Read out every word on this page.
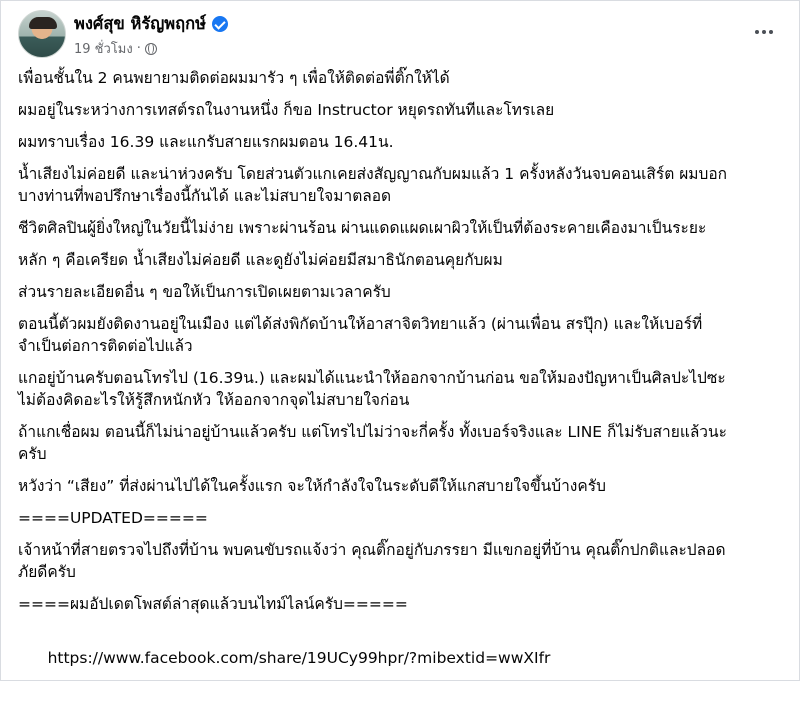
พงศ์สุข หิรัญพฤกษ์
19 ชั่วโมง ·

เพื่อนชั้นใน 2 คนพยายามติดต่อผมมารัว ๆ เพื่อให้ติดต่อพี่ติ๊กให้ได้

ผมอยู่ในระหว่างการเทสต์รถในงานหนึ่ง ก็ขอ Instructor หยุดรถทันทีและโทรเลย

ผมทราบเรื่อง 16.39 และแกรับสายแรกผมตอน 16.41น.

น้ำเสียงไม่ค่อยดี และน่าห่วงครับ โดยส่วนตัวแกเคยส่งสัญญาณกับผมแล้ว 1 ครั้งหลังวันจบคอนเสิร์ต ผมบอก
บางท่านที่พอปรึกษาเรื่องนี้กันได้ และไม่สบายใจมาตลอด

ชีวิตศิลปินผู้ยิ่งใหญ่ในวัยนี้ไม่ง่าย เพราะผ่านร้อน ผ่านแดดแผดเผาผิวให้เป็นที่ต้องระคายเคืองมาเป็นระยะ

หลัก ๆ คือเครียด น้ำเสียงไม่ค่อยดี และดูยังไม่ค่อยมีสมาธินักตอนคุยกับผม

ส่วนรายละเอียดอื่น ๆ ขอให้เป็นการเปิดเผยตามเวลาครับ

ตอนนี้ตัวผมยังติดงานอยู่ในเมือง แต่ได้ส่งพิกัดบ้านให้อาสาจิตวิทยาแล้ว (ผ่านเพื่อน สรปุ๊ก) และให้เบอร์ที่
จำเป็นต่อการติดต่อไปแล้ว

แกอยู่บ้านครับตอนโทรไป (16.39น.) และผมได้แนะนำให้ออกจากบ้านก่อน ขอให้มองปัญหาเป็นศิลปะไปซะ
ไม่ต้องคิดอะไรให้รู้สึกหนักหัว ให้ออกจากจุดไม่สบายใจก่อน

ถ้าแกเชื่อผม ตอนนี้ก็ไม่น่าอยู่บ้านแล้วครับ แต่โทรไปไม่ว่าจะกี่ครั้ง ทั้งเบอร์จริงและ LINE ก็ไม่รับสายแล้วนะ
ครับ

หวังว่า “เสียง” ที่ส่งผ่านไปได้ในครั้งแรก จะให้กำลังใจในระดับดีให้แกสบายใจขึ้นบ้างครับ

====UPDATED=====

เจ้าหน้าที่สายตรวจไปถึงที่บ้าน พบคนขับรถแจ้งว่า คุณติ๊กอยู่กับภรรยา มีแขกอยู่ที่บ้าน คุณติ๊กปกติและปลอด
ภัยดีครับ

====ผมอัปเดตโพสต์ล่าสุดแล้วบนไทม์ไลน์ครับ=====

https://www.facebook.com/share/19UCy99hpr/?mibextid=wwXIfr
